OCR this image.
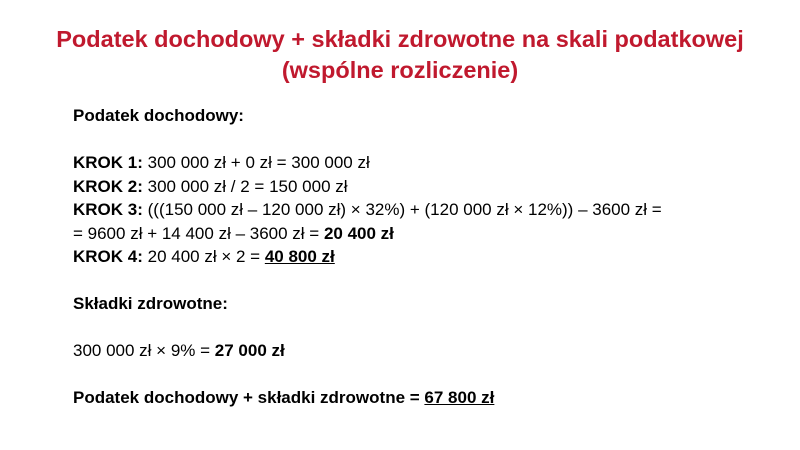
Podatek dochodowy + składki zdrowotne na skali podatkowej
(wspólne rozliczenie)
Podatek dochodowy:
KROK 1: 300 000 zł + 0 zł = 300 000 zł
KROK 2: 300 000 zł / 2 = 150 000 zł
KROK 3: (((150 000 zł – 120 000 zł) × 32%) + (120 000 zł × 12%)) – 3600 zł =
= 9600 zł + 14 400 zł – 3600 zł = 20 400 zł
KROK 4: 20 400 zł × 2 = 40 800 zł
Składki zdrowotne:
300 000 zł × 9% = 27 000 zł
Podatek dochodowy + składki zdrowotne = 67 800 zł
